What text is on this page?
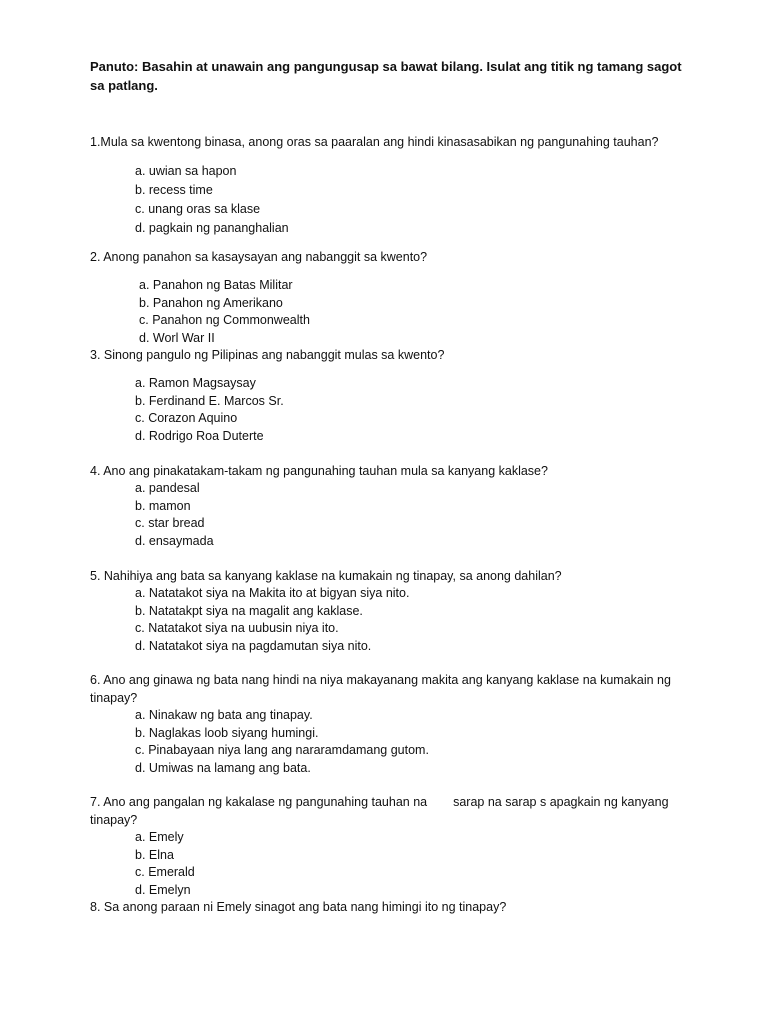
Panuto: Basahin at unawain ang pangungusap sa bawat bilang. Isulat ang titik ng tamang sagot sa patlang.
1.Mula sa kwentong binasa, anong oras sa paaralan ang hindi kinasasabikan ng pangunahing tauhan?
a. uwian sa hapon
b. recess time
c. unang oras sa klase
d. pagkain ng pananghalian
2. Anong panahon sa kasaysayan ang nabanggit sa kwento?
a. Panahon ng Batas Militar
b. Panahon ng Amerikano
c. Panahon ng Commonwealth
d. Worl War II
3. Sinong pangulo ng Pilipinas ang nabanggit mulas sa kwento?
a. Ramon Magsaysay
b. Ferdinand E. Marcos Sr.
c. Corazon Aquino
d. Rodrigo Roa Duterte
4. Ano ang pinakatakam-takam ng pangunahing tauhan mula sa kanyang kaklase?
a. pandesal
b. mamon
c. star bread
d. ensaymada
5. Nahihiya ang bata sa kanyang kaklase na kumakain ng tinapay, sa anong dahilan?
a. Natatakot siya na Makita ito at bigyan siya nito.
b. Natatakpt siya na magalit ang kaklase.
c. Natatakot siya na uubusin niya ito.
d. Natatakot siya na pagdamutan siya nito.
6. Ano ang ginawa ng bata nang hindi na niya makayanang makita ang kanyang kaklase na kumakain ng tinapay?
a. Ninakaw ng bata ang tinapay.
b. Naglakas loob siyang humingi.
c. Pinabayaan niya lang ang nararamdamang gutom.
d. Umiwas na lamang ang bata.
7. Ano ang pangalan ng kakalase ng pangunahing tauhan na sarap na sarap s apagkain ng kanyang tinapay?
a. Emely
b. Elna
c. Emerald
d. Emelyn
8. Sa anong paraan ni Emely sinagot ang bata nang himingi ito ng tinapay?
